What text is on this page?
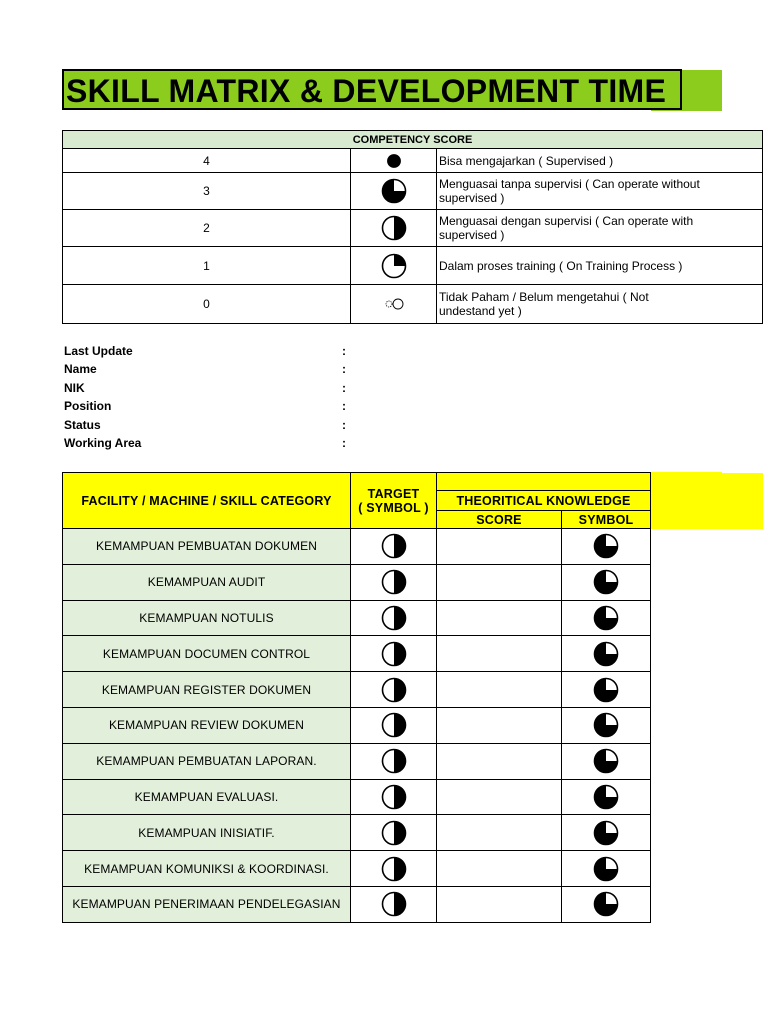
SKILL MATRIX & DEVELOPMENT TIME
COMPETENCY SCORE		
4		Bisa mengajarkan ( Supervised )

3		Menguasai tanpa supervisi ( Can operate without
supervised )

2		Menguasai dengan supervisi ( Can operate with
supervised )

1		Dalam proses training ( On Training Process )

0		Tidak Paham / Belum mengetahui ( Not
undestand yet )
Last Update	:
Name	:
NIK	:
Position	:
Status	:
Working Area	:
FACILITY / MACHINE / SKILL CATEGORY	TARGET
( SYMBOL )			

		THEORITICAL KNOWLEDGE		
		SCORE	SYMBOL	
KEMAMPUAN PEMBUATAN DOKUMEN				
KEMAMPUAN AUDIT				
KEMAMPUAN NOTULIS				
KEMAMPUAN DOCUMEN CONTROL				
KEMAMPUAN REGISTER DOKUMEN				
KEMAMPUAN REVIEW DOKUMEN				
KEMAMPUAN PEMBUATAN LAPORAN.				
KEMAMPUAN EVALUASI.				
KEMAMPUAN INISIATIF.				
KEMAMPUAN KOMUNIKSI & KOORDINASI.				
KEMAMPUAN PENERIMAAN PENDELEGASIAN				
